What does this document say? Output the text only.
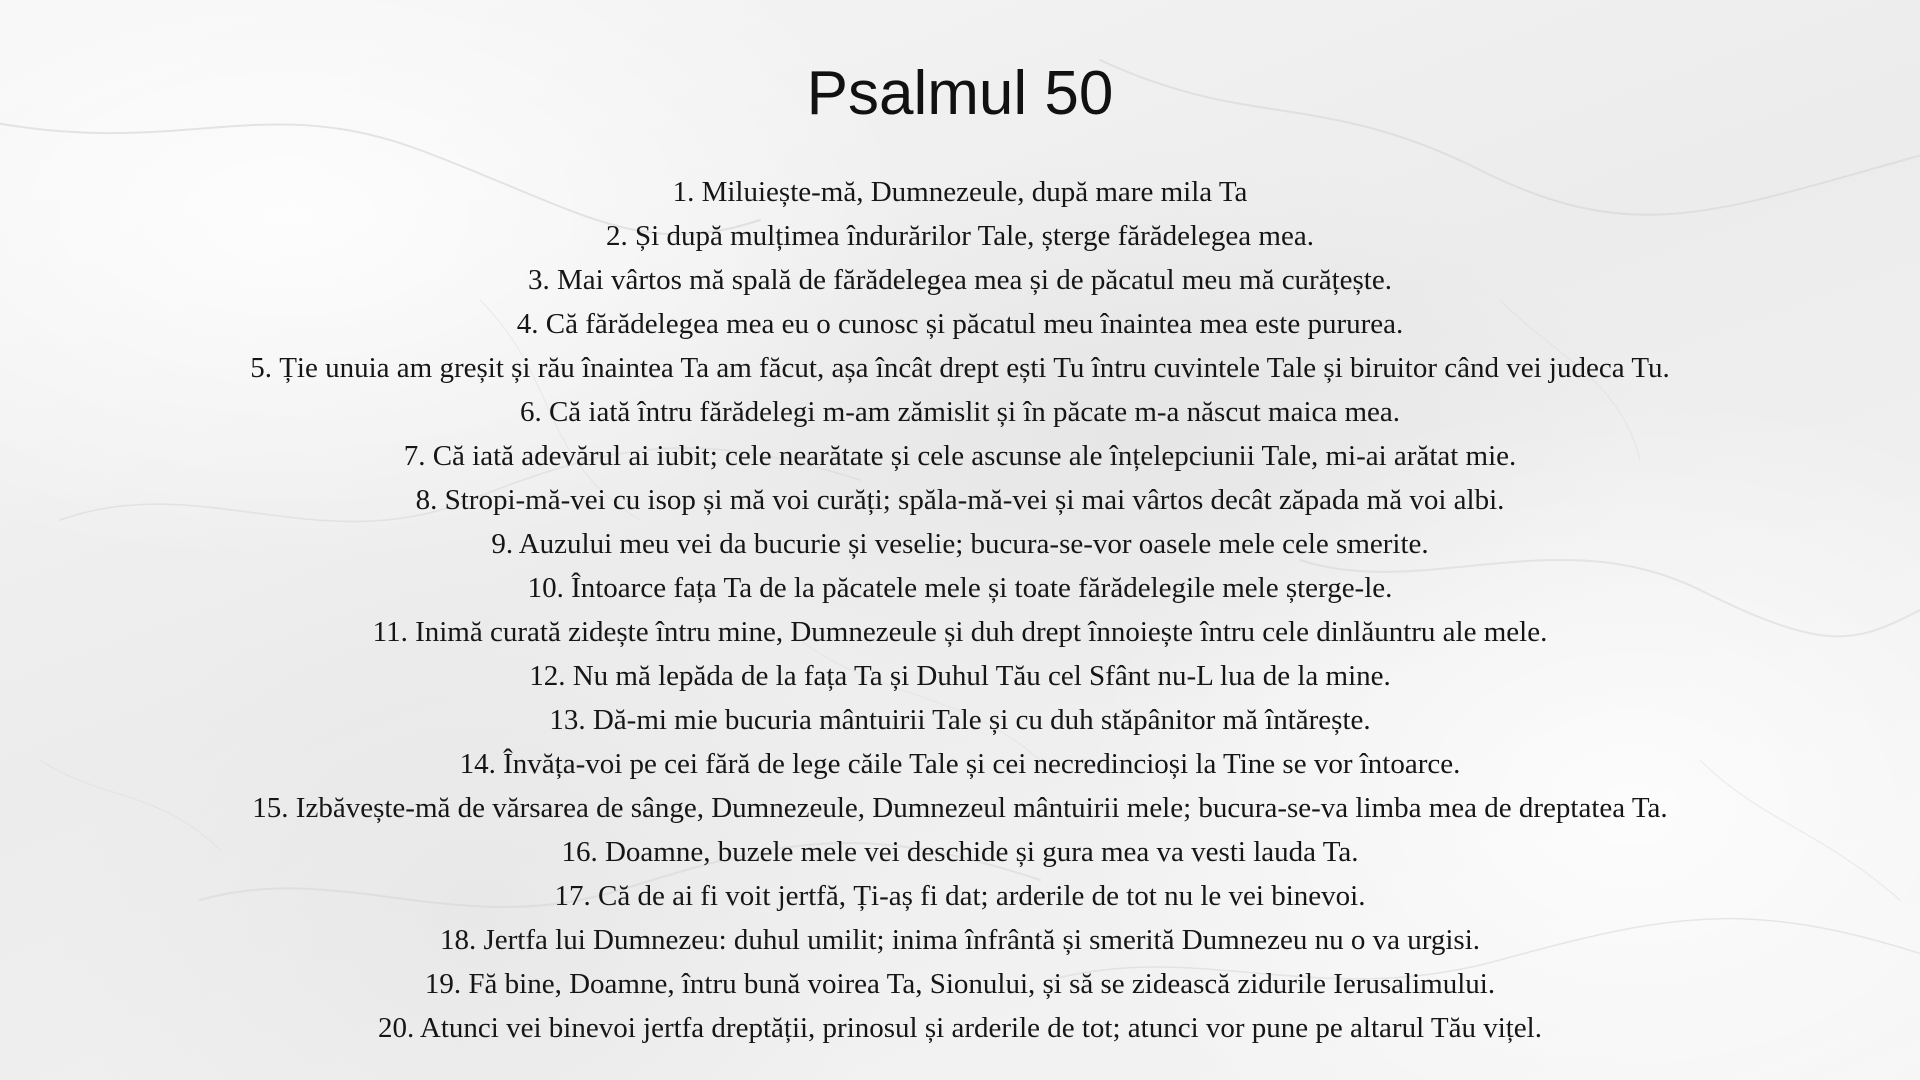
Psalmul 50
1. Miluiește-mă, Dumnezeule, după mare mila Ta
2. Și după mulțimea îndurărilor Tale, șterge fărădelegea mea.
3. Mai vârtos mă spală de fărădelegea mea și de păcatul meu mă curățește.
4. Că fărădelegea mea eu o cunosc și păcatul meu înaintea mea este pururea.
5. Ție unuia am greșit și rău înaintea Ta am făcut, așa încât drept ești Tu întru cuvintele Tale și biruitor când vei judeca Tu.
6. Că iată întru fărădelegi m-am zămislit și în păcate m-a născut maica mea.
7. Că iată adevărul ai iubit; cele nearătate și cele ascunse ale înțelepciunii Tale, mi-ai arătat mie.
8. Stropi-mă-vei cu isop și mă voi curăți; spăla-mă-vei și mai vârtos decât zăpada mă voi albi.
9. Auzului meu vei da bucurie și veselie; bucura-se-vor oasele mele cele smerite.
10. Întoarce fața Ta de la păcatele mele și toate fărădelegile mele șterge-le.
11. Inimă curată zidește întru mine, Dumnezeule și duh drept înnoiește întru cele dinlăuntru ale mele.
12. Nu mă lepăda de la fața Ta și Duhul Tău cel Sfânt nu-L lua de la mine.
13. Dă-mi mie bucuria mântuirii Tale și cu duh stăpânitor mă întărește.
14. Învăța-voi pe cei fără de lege căile Tale și cei necredincioși la Tine se vor întoarce.
15. Izbăvește-mă de vărsarea de sânge, Dumnezeule, Dumnezeul mântuirii mele; bucura-se-va limba mea de dreptatea Ta.
16. Doamne, buzele mele vei deschide și gura mea va vesti lauda Ta.
17. Că de ai fi voit jertfă, Ți-aș fi dat; arderile de tot nu le vei binevoi.
18. Jertfa lui Dumnezeu: duhul umilit; inima înfrântă și smerită Dumnezeu nu o va urgisi.
19. Fă bine, Doamne, întru bună voirea Ta, Sionului, și să se zidească zidurile Ierusalimului.
20. Atunci vei binevoi jertfa dreptății, prinosul și arderile de tot; atunci vor pune pe altarul Tău vițel.
